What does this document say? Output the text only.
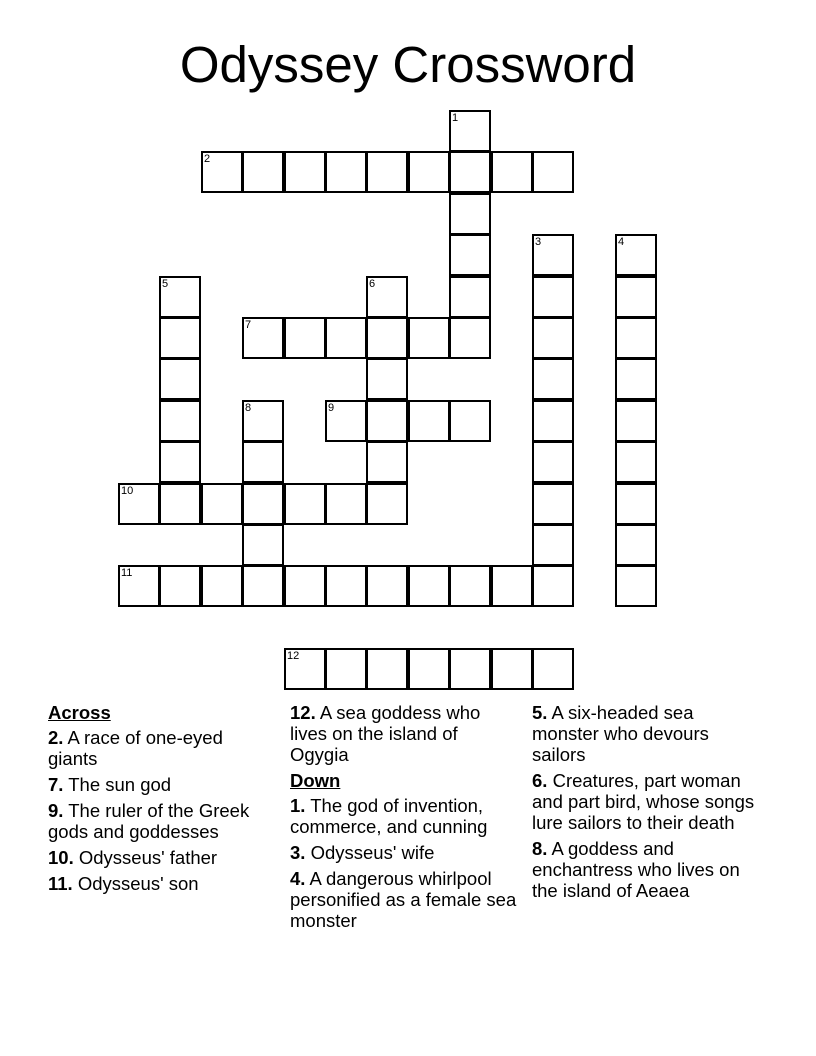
Odyssey Crossword
1
2
3	4
5	6
7
8	9
10
11
12
Across
2. A race of one-eyed giants
7. The sun god
9. The ruler of the Greek gods and goddesses
10. Odysseus' father
11. Odysseus' son
12. A sea goddess who lives on the island of Ogygia
Down
1. The god of invention, commerce, and cunning
3. Odysseus' wife
4. A dangerous whirlpool personified as a female sea monster
5. A six-headed sea monster who devours sailors
6. Creatures, part woman and part bird, whose songs lure sailors to their death
8. A goddess and enchantress who lives on the island of Aeaea
